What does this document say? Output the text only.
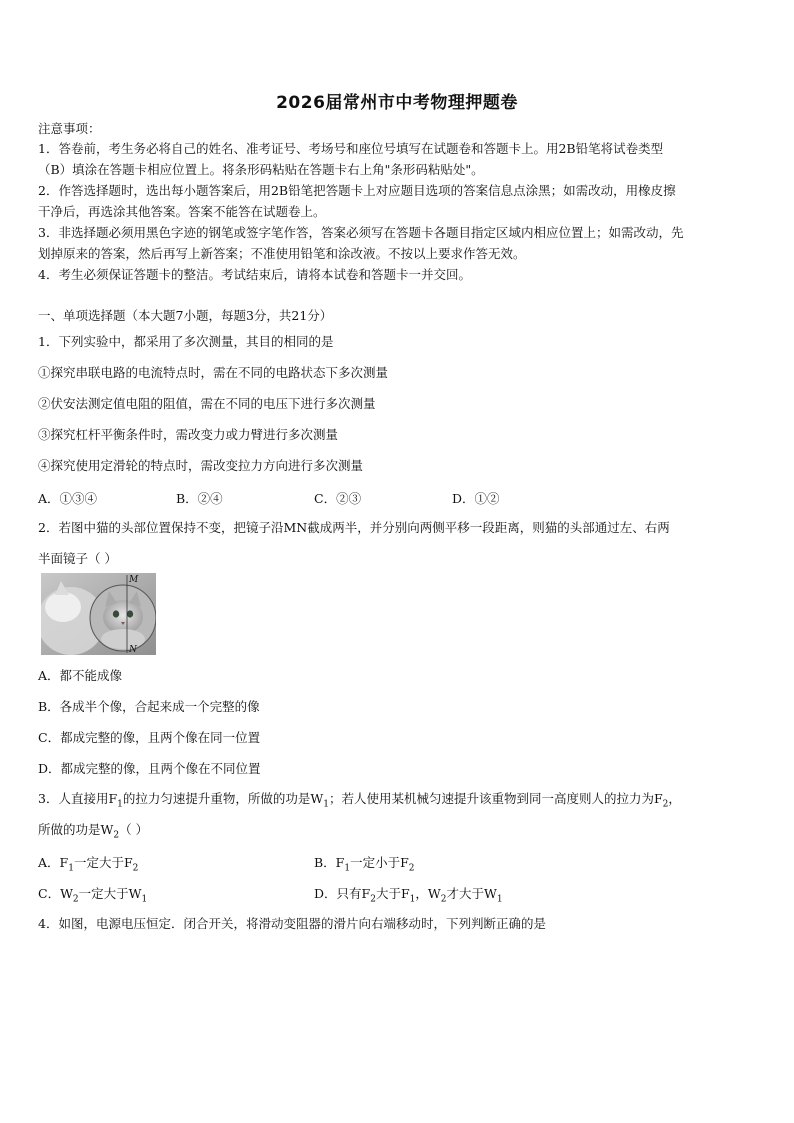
2026届常州市中考物理押题卷
注意事项：
1．答卷前，考生务必将自己的姓名、准考证号、考场号和座位号填写在试题卷和答题卡上。用2B铅笔将试卷类型
（B）填涂在答题卡相应位置上。将条形码粘贴在答题卡右上角"条形码粘贴处"。
2．作答选择题时，选出每小题答案后，用2B铅笔把答题卡上对应题目选项的答案信息点涂黑；如需改动，用橡皮擦
干净后，再选涂其他答案。答案不能答在试题卷上。
3．非选择题必须用黑色字迹的钢笔或签字笔作答，答案必须写在答题卡各题目指定区域内相应位置上；如需改动，先
划掉原来的答案，然后再写上新答案；不准使用铅笔和涂改液。不按以上要求作答无效。
4．考生必须保证答题卡的整洁。考试结束后，请将本试卷和答题卡一并交回。
一、单项选择题（本大题7小题，每题3分，共21分）
1．下列实验中，都采用了多次测量，其目的相同的是
①探究串联电路的电流特点时，需在不同的电路状态下多次测量
②伏安法测定值电阻的阻值，需在不同的电压下进行多次测量
③探究杠杆平衡条件时，需改变力或力臂进行多次测量
④探究使用定滑轮的特点时，需改变拉力方向进行多次测量
A．①③④	B．②④	C．②③	D．①②
2．若图中猫的头部位置保持不变，把镜子沿MN截成两半，并分别向两侧平移一段距离，则猫的头部通过左、右两
半面镜子（ ）
M
N
A．都不能成像
B．各成半个像，合起来成一个完整的像
C．都成完整的像，且两个像在同一位置
D．都成完整的像，且两个像在不同位置
3．人直接用$F_1$的拉力匀速提升重物，所做的功是$W_1$；若人使用某机械匀速提升该重物到同一高度则人的拉力为$F_2$，
所做的功是$W_2$（ ）
A．$F_1$一定大于$F_2$	B．$F_1$一定小于$F_2$
C．$W_2$一定大于$W_1$	D．只有$F_2$大于$F_1$，$W_2$才大于$W_1$
4．如图，电源电压恒定．闭合开关，将滑动变阻器的滑片向右端移动时，下列判断正确的是
